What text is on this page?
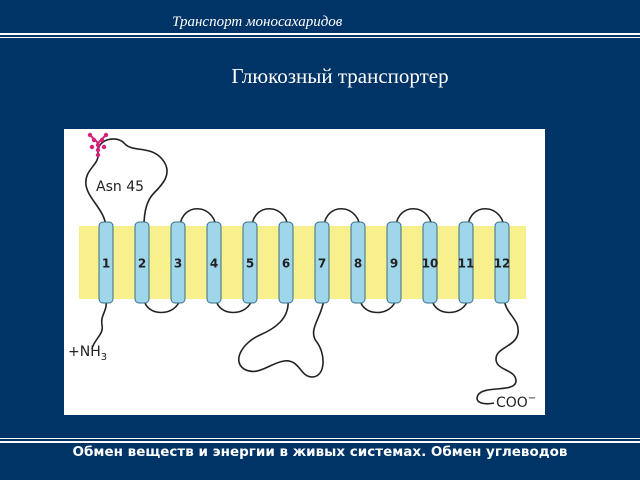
Транспорт моносахаридов
Глюкозный транспортер
Asn 45
1 2 3 4 5 6 7 8 9 10 11 12
$+NH_3$
COO−
Обмен веществ и энергии в живых системах. Обмен углеводов
